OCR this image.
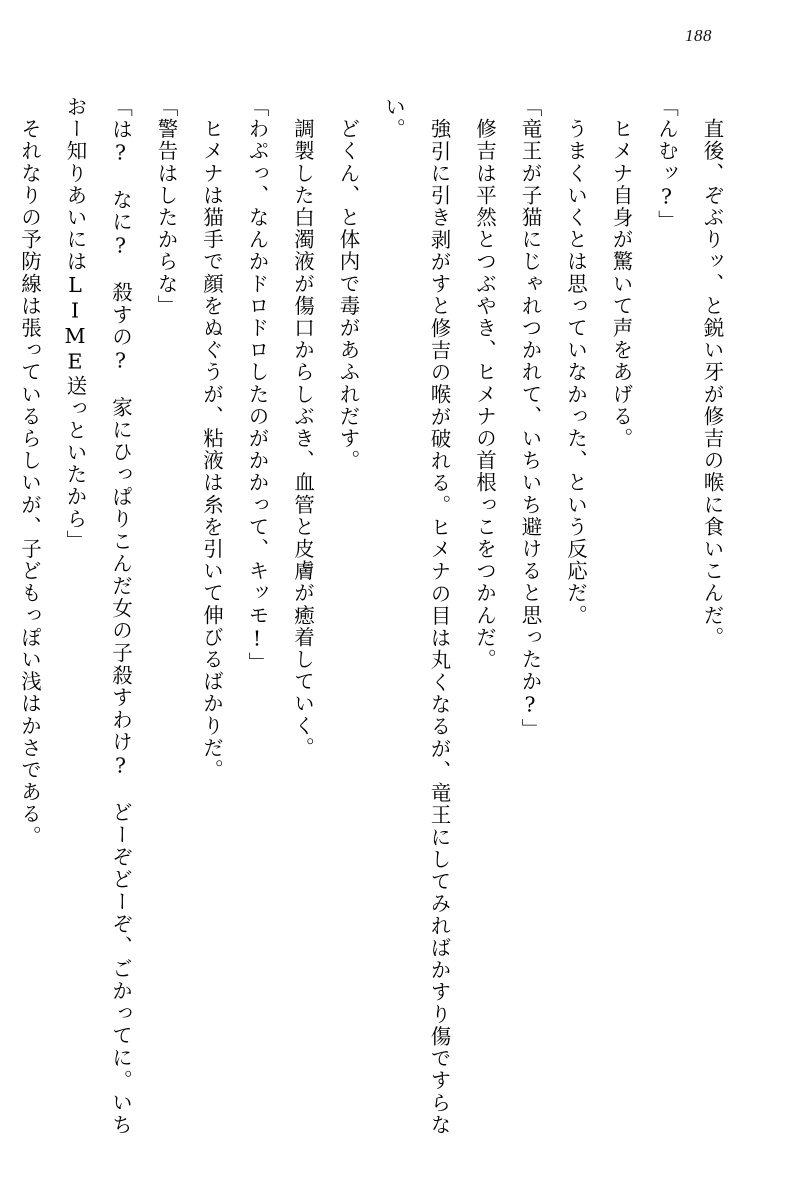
188

　直後、ぞぶりッ、と鋭い牙が修吉の喉に食いこんだ。

「んむッ?」

　ヒメナ自身が驚いて声をあげる。

　うまくいくとは思っていなかった、という反応だ。

「竜王が子猫にじゃれつかれて、いちいち避けると思ったか?」

　修吉は平然とつぶやき、ヒメナの首根っこをつかんだ。

　強引に引き剥がすと修吉の喉が破れる。ヒメナの目は丸くなるが、竜王にしてみればかすり傷ですらない。

　どくん、と体内で毒があふれだす。

　調製した白濁液が傷口からしぶき、血管と皮膚が癒着していく。

「わぷっ、なんかドロドロしたのがかかって、キッモ!」

　ヒメナは猫手で顔をぬぐうが、粘液は糸を引いて伸びるばかりだ。

「警告はしたからな」

「は?　なに?　殺すの?　家にひっぱりこんだ女の子殺すわけ?　どーぞどーぞ、ごかってに。いちおー知りあいにはLIME送っといたから」

　それなりの予防線は張っているらしいが、子どもっぽい浅はかさである。
